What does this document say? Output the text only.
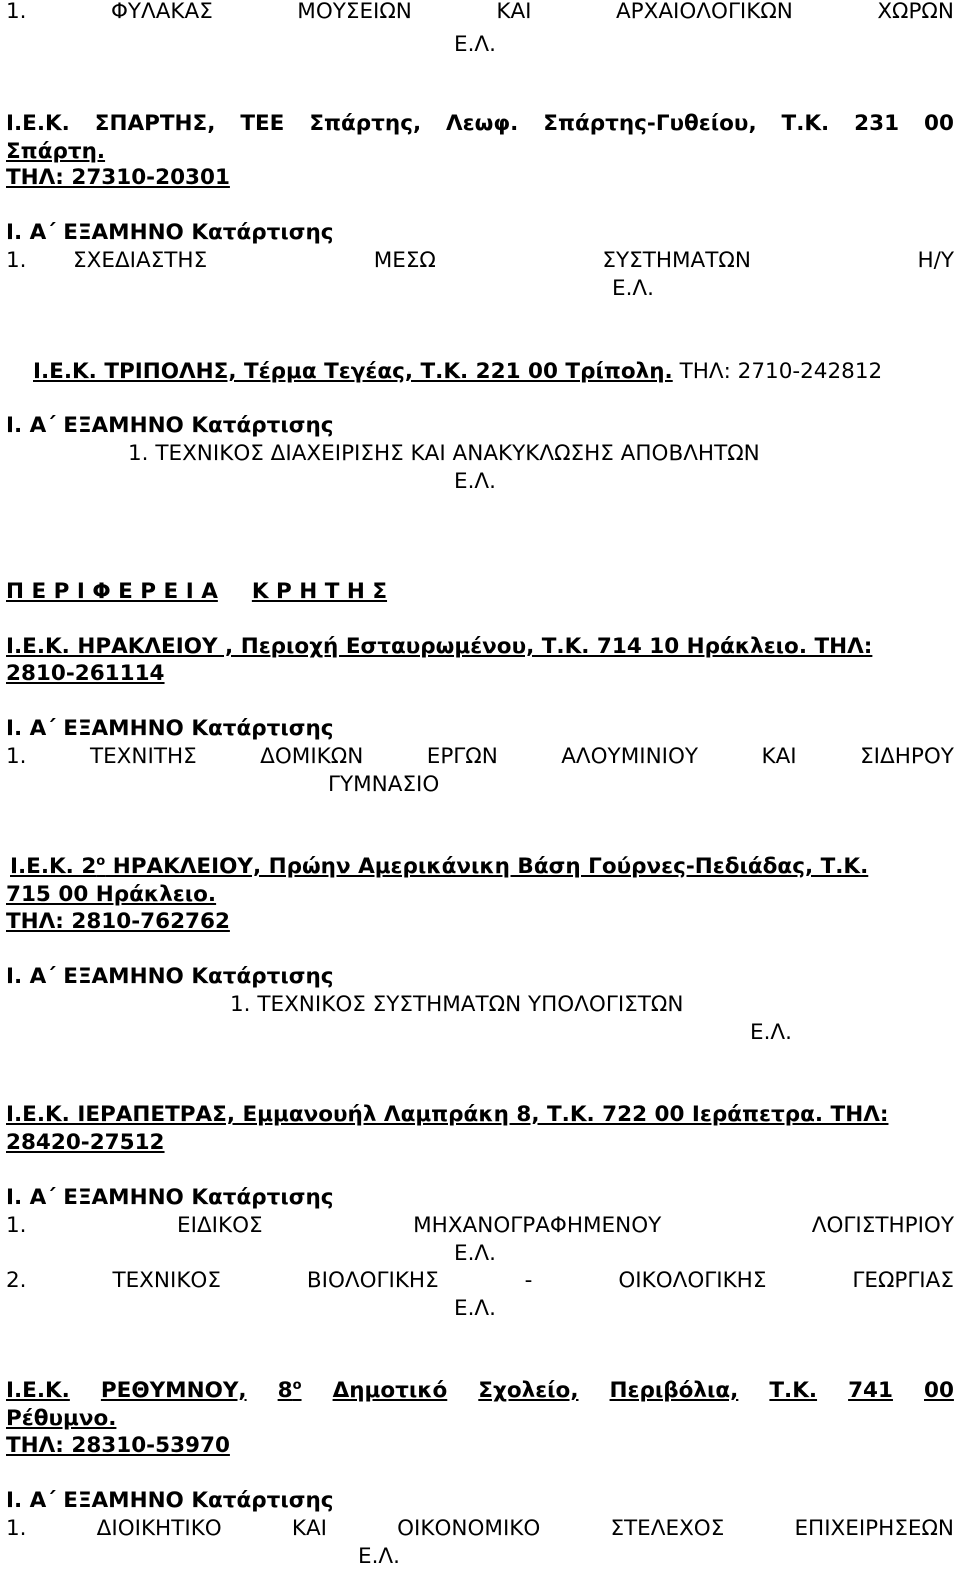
1.	ΦΥΛΑΚΑΣ	ΜΟΥΣΕΙΩΝ	ΚΑΙ	ΑΡΧΑΙΟΛΟΓΙΚΩΝ	ΧΩΡΩΝ
Ε.Λ.
Ι.Ε.Κ. ΣΠΑΡΤΗΣ, ΤΕΕ Σπάρτης, Λεωφ. Σπάρτης-Γυθείου, Τ.Κ. 231 00
Σπάρτη.
ΤΗΛ: 27310-20301
Ι. Α΄ ΕΞΑΜΗΝΟ Κατάρτισης
1. ΣΧΕΔΙΑΣΤΗΣ	ΜΕΣΩ	ΣΥΣΤΗΜΑΤΩΝ	Η/Υ
Ε.Λ.
Ι.Ε.Κ. ΤΡΙΠΟΛΗΣ, Τέρμα Τεγέας, Τ.Κ. 221 00 Τρίπολη. ΤΗΛ: 2710-242812
Ι. Α΄ ΕΞΑΜΗΝΟ Κατάρτισης
1. ΤΕΧΝΙΚΟΣ ΔΙΑΧΕΙΡΙΣΗΣ ΚΑΙ ΑΝΑΚΥΚΛΩΣΗΣ ΑΠΟΒΛΗΤΩΝ
Ε.Λ.
Π Ε Ρ Ι Φ Ε Ρ Ε Ι Α Κ Ρ Η Τ Η Σ
Ι.Ε.Κ. ΗΡΑΚΛΕΙΟΥ , Περιοχή Εσταυρωμένου, Τ.Κ. 714 10 Ηράκλειο. ΤΗΛ:
2810-261114
Ι. Α΄ ΕΞΑΜΗΝΟ Κατάρτισης
1.	ΤΕΧΝΙΤΗΣ	ΔΟΜΙΚΩΝ	ΕΡΓΩΝ	ΑΛΟΥΜΙΝΙΟΥ	ΚΑΙ	ΣΙΔΗΡΟΥ
ΓΥΜΝΑΣΙΟ
Ι.Ε.Κ. $2^o$ ΗΡΑΚΛΕΙΟΥ, Πρώην Αμερικάνικη Βάση Γούρνες-Πεδιάδας, Τ.Κ.
715 00 Ηράκλειο.
ΤΗΛ: 2810-762762
Ι. Α΄ ΕΞΑΜΗΝΟ Κατάρτισης
1. ΤΕΧΝΙΚΟΣ ΣΥΣΤΗΜΑΤΩΝ ΥΠΟΛΟΓΙΣΤΩΝ
Ε.Λ.
Ι.Ε.Κ. ΙΕΡΑΠΕΤΡΑΣ, Εμμανουήλ Λαμπράκη 8, Τ.Κ. 722 00 Ιεράπετρα. ΤΗΛ:
28420-27512
Ι. Α΄ ΕΞΑΜΗΝΟ Κατάρτισης
1.	ΕΙΔΙΚΟΣ	ΜΗΧΑΝΟΓΡΑΦΗΜΕΝΟΥ	ΛΟΓΙΣΤΗΡΙΟΥ
Ε.Λ.
2.	ΤΕΧΝΙΚΟΣ	ΒΙΟΛΟΓΙΚΗΣ	-	ΟΙΚΟΛΟΓΙΚΗΣ	ΓΕΩΡΓΙΑΣ
Ε.Λ.
Ι.Ε.Κ. ΡΕΘΥΜΝΟΥ, $8^o$ Δημοτικό Σχολείο, Περιβόλια, Τ.Κ. 741 00
Ρέθυμνο.
ΤΗΛ: 28310-53970
Ι. Α΄ ΕΞΑΜΗΝΟ Κατάρτισης
1.	ΔΙΟΙΚΗΤΙΚΟ	ΚΑΙ	ΟΙΚΟΝΟΜΙΚΟ	ΣΤΕΛΕΧΟΣ	ΕΠΙΧΕΙΡΗΣΕΩΝ
Ε.Λ.
